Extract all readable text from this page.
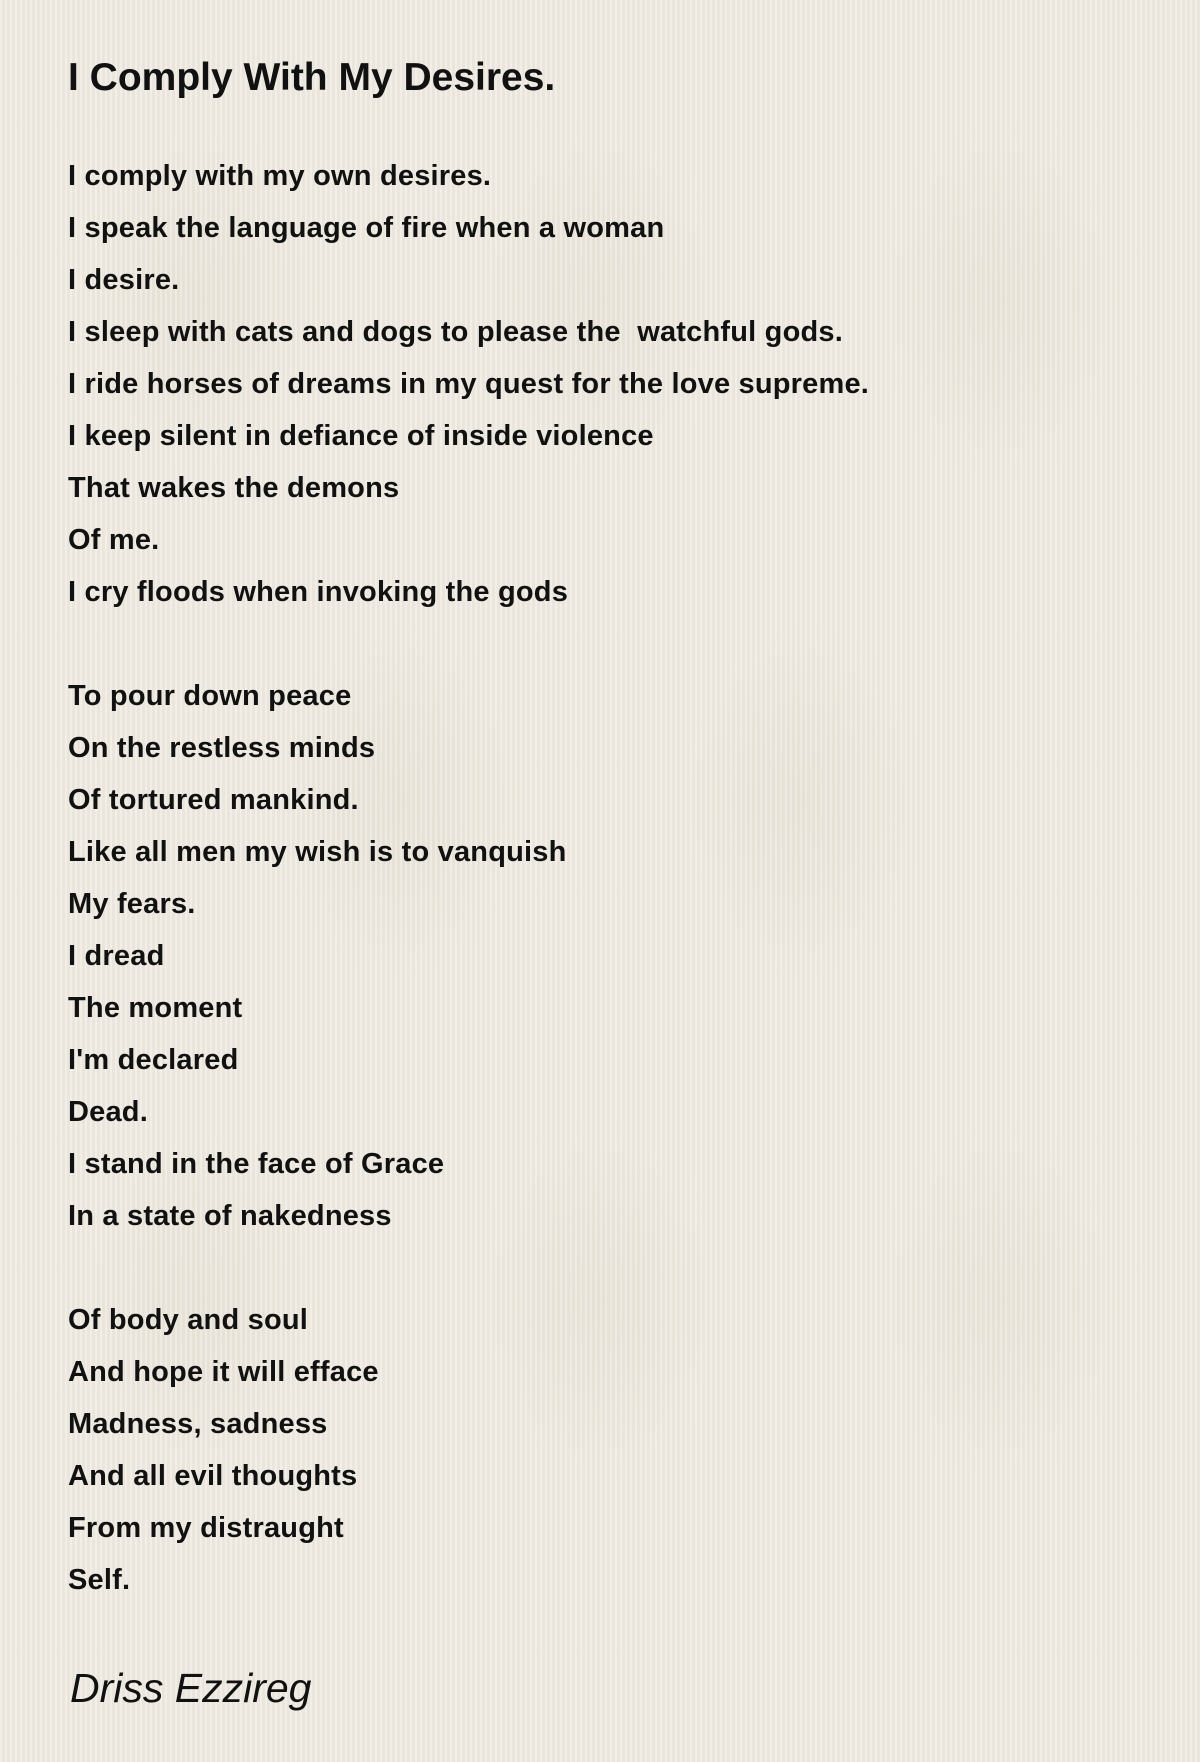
I Comply With My Desires.
I comply with my own desires.
I speak the language of fire when a woman
I desire.
I sleep with cats and dogs to please the  watchful gods.
I ride horses of dreams in my quest for the love supreme.
I keep silent in defiance of inside violence
That wakes the demons
Of me.
I cry floods when invoking the gods
To pour down peace
On the restless minds
Of tortured mankind.
Like all men my wish is to vanquish
My fears.
I dread
The moment
I'm declared
Dead.
I stand in the face of Grace
In a state of nakedness
Of body and soul
And hope it will efface
Madness, sadness
And all evil thoughts
From my distraught
Self.

Driss Ezzireg
